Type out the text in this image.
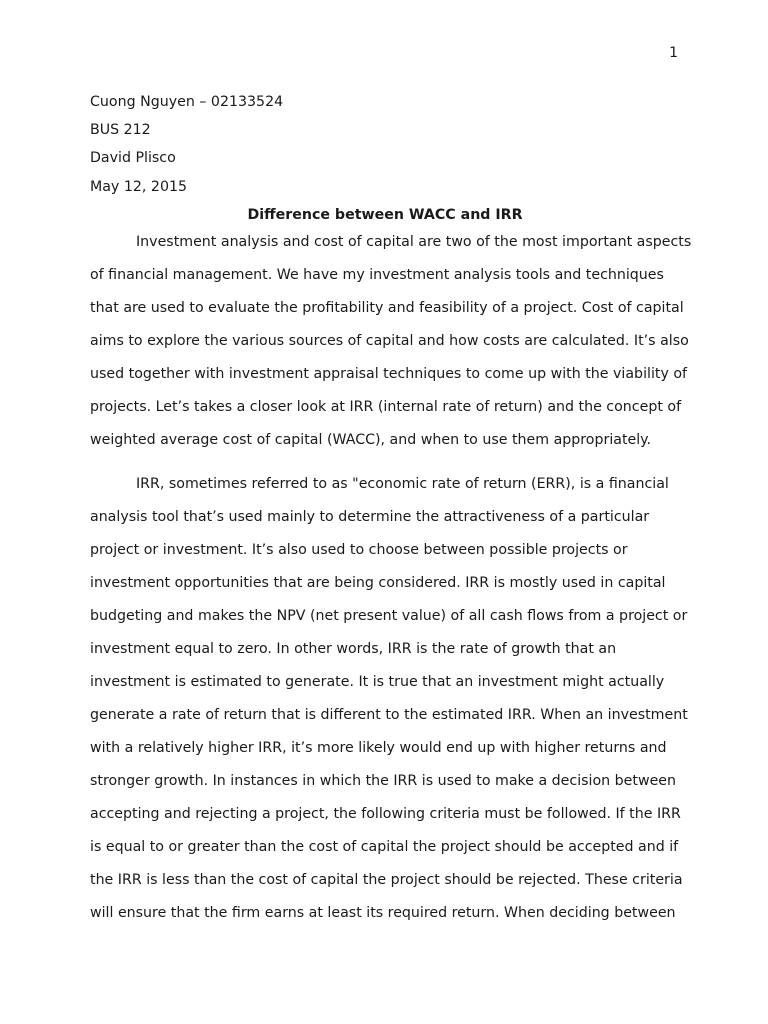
1
Cuong Nguyen – 02133524
BUS 212
David Plisco
May 12, 2015
Difference between WACC and IRR
Investment analysis and cost of capital are two of the most important aspects
of financial management. We have my investment analysis tools and techniques
that are used to evaluate the profitability and feasibility of a project. Cost of capital
aims to explore the various sources of capital and how costs are calculated. It’s also
used together with investment appraisal techniques to come up with the viability of
projects. Let’s takes a closer look at IRR (internal rate of return) and the concept of
weighted average cost of capital (WACC), and when to use them appropriately.
IRR, sometimes referred to as "economic rate of return (ERR), is a financial
analysis tool that’s used mainly to determine the attractiveness of a particular
project or investment. It’s also used to choose between possible projects or
investment opportunities that are being considered. IRR is mostly used in capital
budgeting and makes the NPV (net present value) of all cash flows from a project or
investment equal to zero. In other words, IRR is the rate of growth that an
investment is estimated to generate. It is true that an investment might actually
generate a rate of return that is different to the estimated IRR. When an investment
with a relatively higher IRR, it’s more likely would end up with higher returns and
stronger growth. In instances in which the IRR is used to make a decision between
accepting and rejecting a project, the following criteria must be followed. If the IRR
is equal to or greater than the cost of capital the project should be accepted and if
the IRR is less than the cost of capital the project should be rejected. These criteria
will ensure that the firm earns at least its required return. When deciding between
